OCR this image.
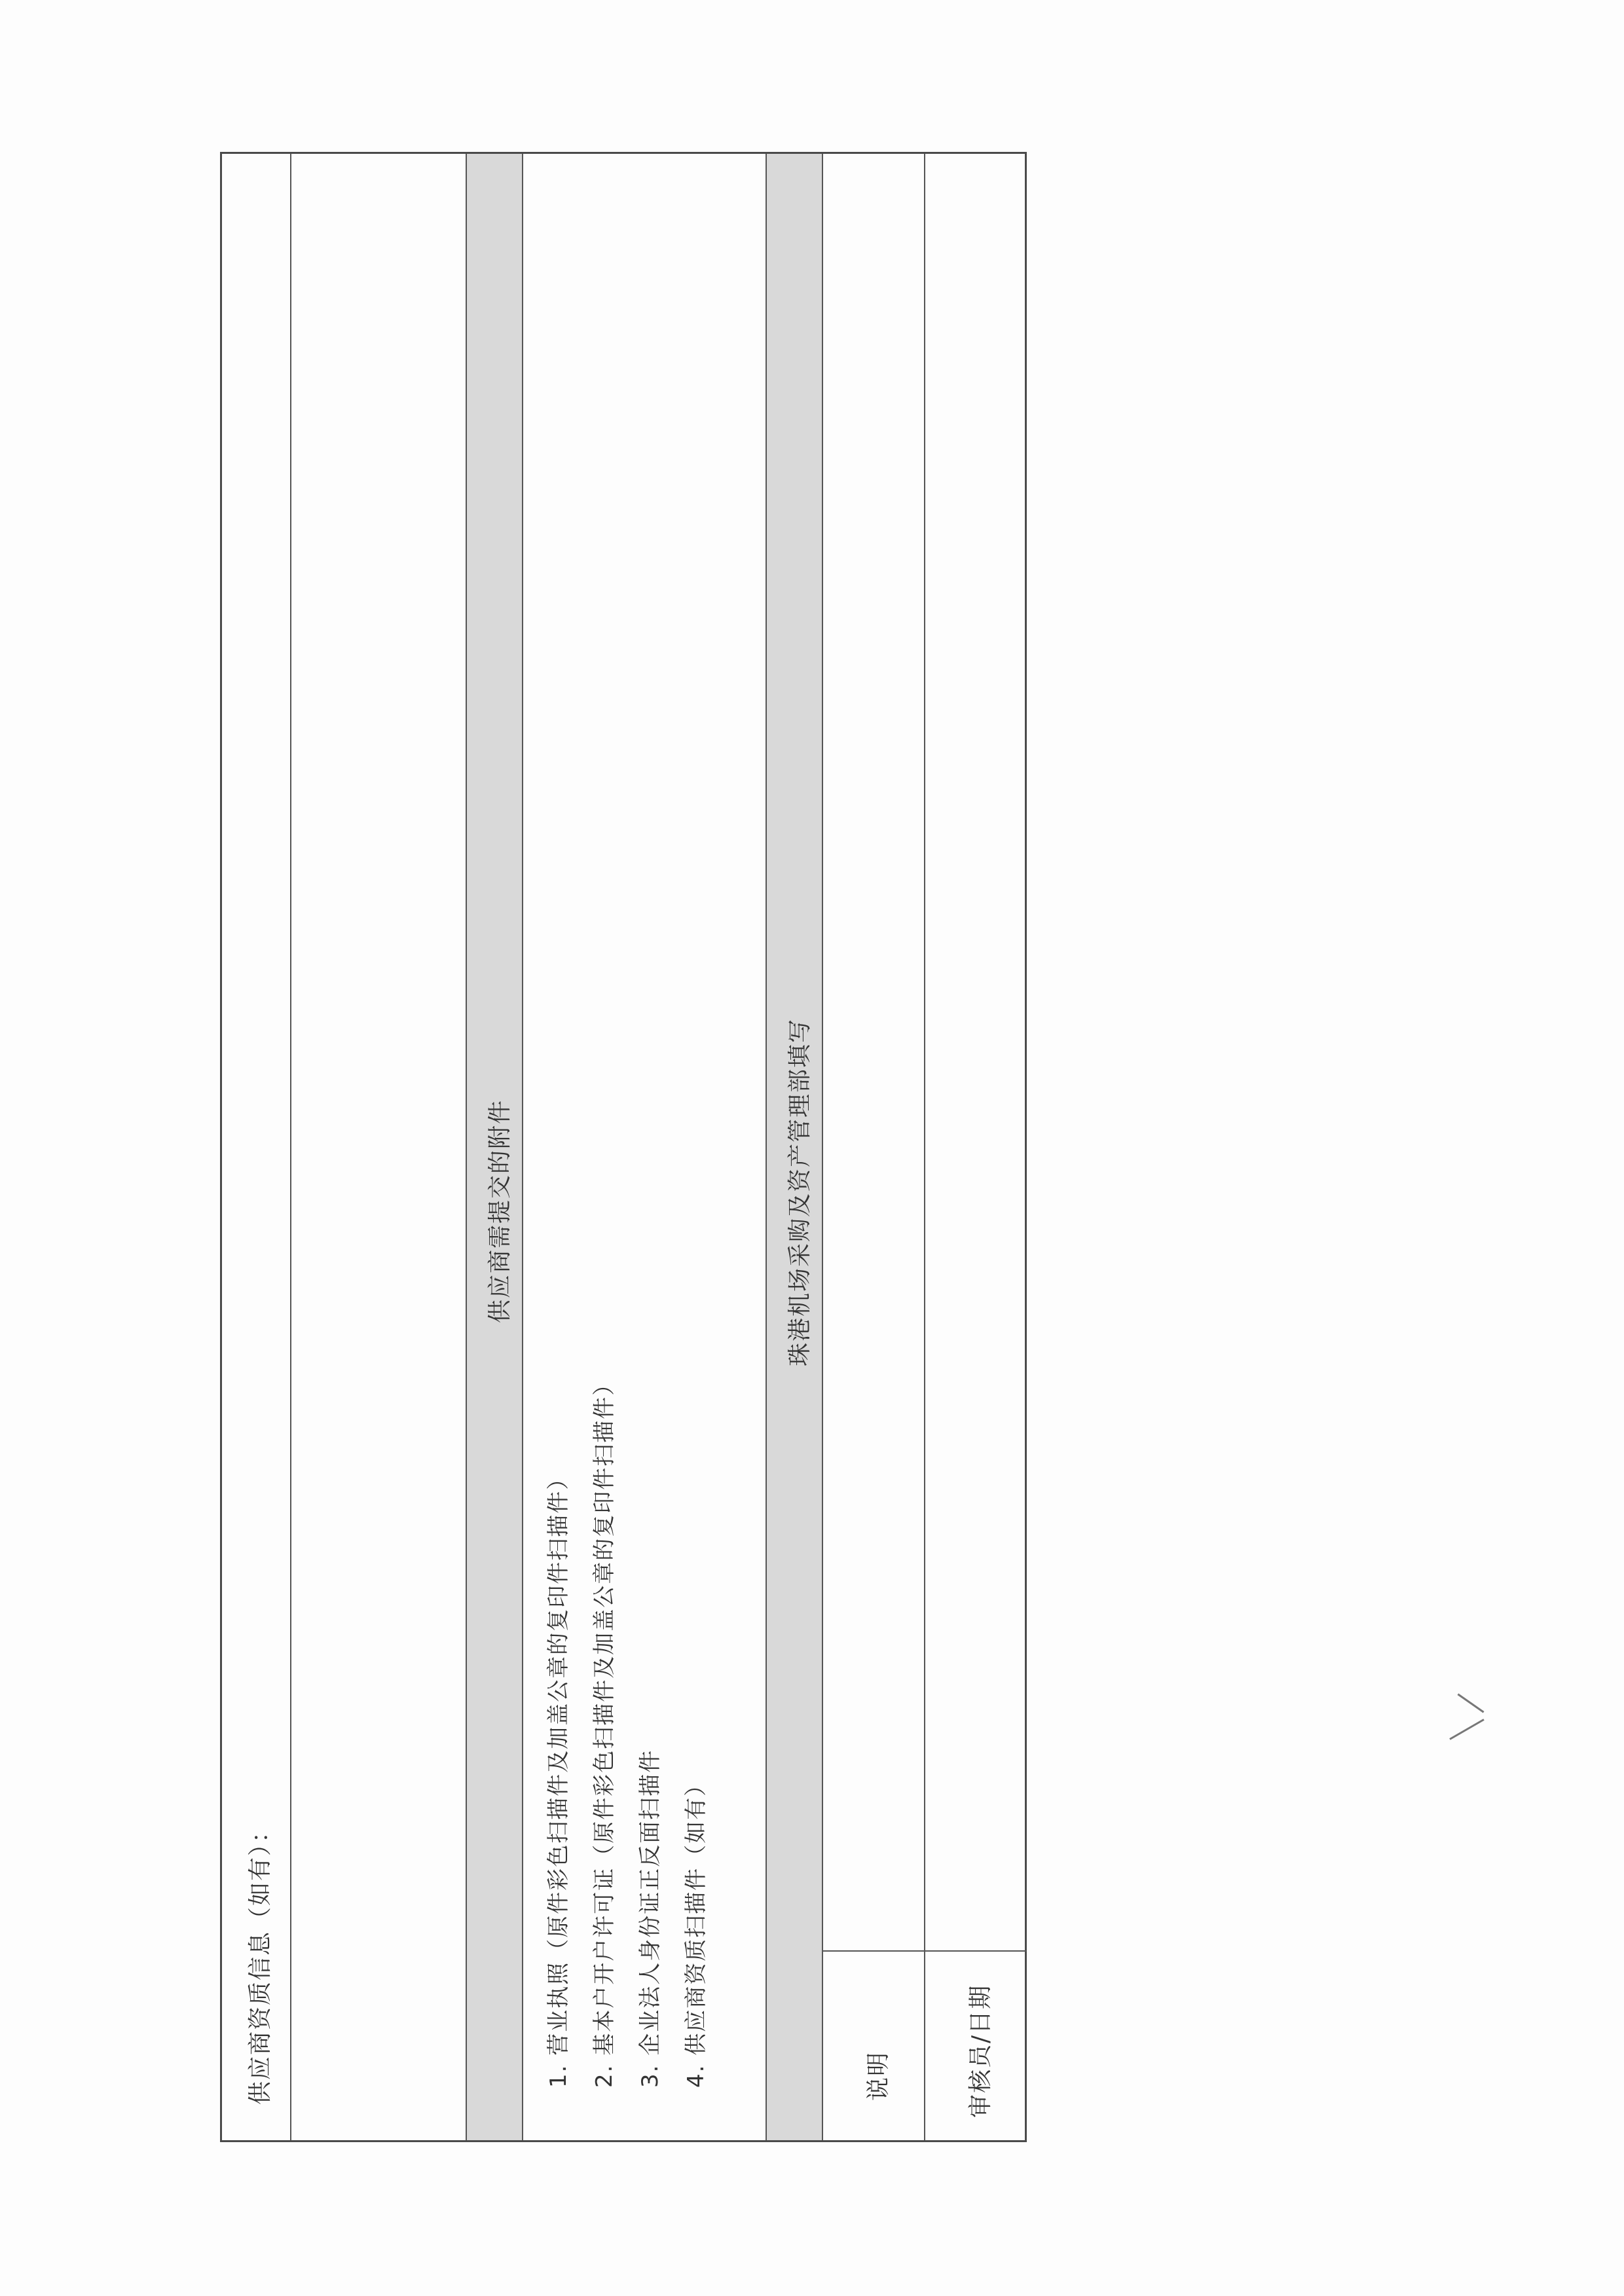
供应商资质信息（如有）：
供应商需提交的附件
1. 营业执照（原件彩色扫描件及加盖公章的复印件扫描件） 2. 基本户开户许可证（原件彩色扫描件及加盖公章的复印件扫描件） 3. 企业法人身份证正反面扫描件 4. 供应商资质扫描件（如有）
珠港机场采购及资产管理部填写
说明	审核员/日期
